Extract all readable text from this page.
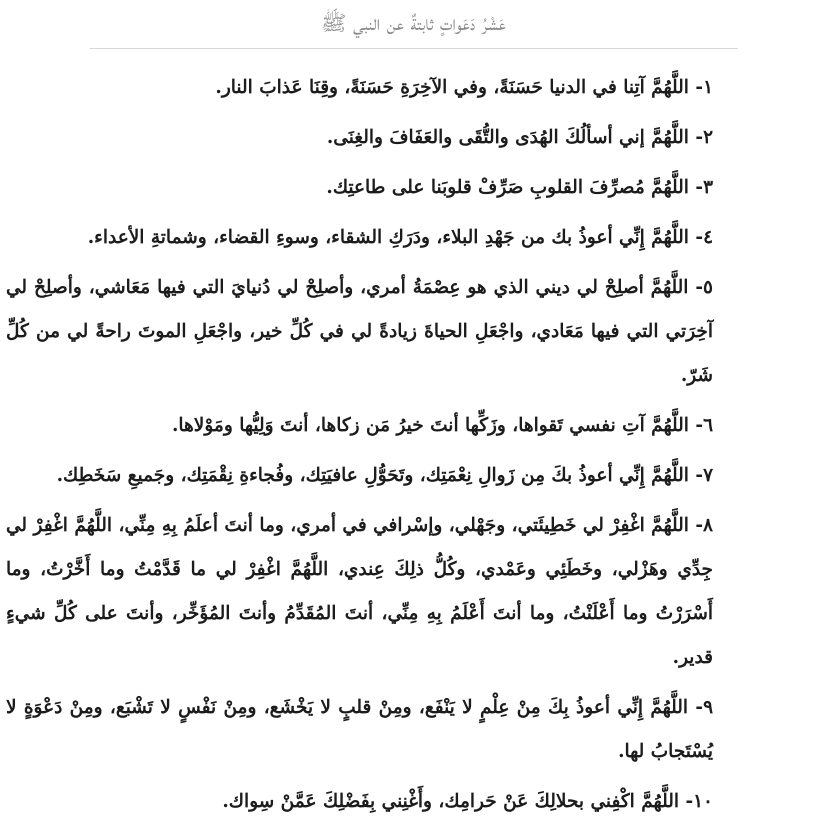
عَشْرُ دَعَواتٍ ثابتةٌ عن النبي ﷺ

١- اللَّهُمَّ آتِنا في الدنيا حَسَنَةً، وفي الآخِرَةِ حَسَنَةً، وقِنَا عَذابَ النار.

٢- اللَّهُمَّ إني أسألُكَ الهُدَى والتُّقَى والعَفَافَ والغِنَى.

٣- اللَّهُمَّ مُصرِّفَ القلوبِ صَرِّفْ قلوبَنا على طاعتِك.

٤- اللَّهُمَّ إِنِّي أعوذُ بك من جَهْدِ البلاء، ودَرَكِ الشقاء، وسوءِ القضاء، وشماتةِ الأعداء.

٥- اللَّهُمَّ أصلِحْ لي ديني الذي هو عِصْمَةُ أمري، وأصلِحْ لي دُنيايَ التي فيها مَعَاشي، وأصلِحْ لي آخِرَتي التي فيها مَعَادي، واجْعَلِ الحياةَ زيادةً لي في كُلِّ خير، واجْعَلِ الموتَ راحةً لي من كُلِّ شَرّ.

٦- اللَّهُمَّ آتِ نفسي تَقواها، وزَكِّها أنتَ خيرُ مَن زكاها، أنتَ وَلِيُّها ومَوْلاها.

٧- اللَّهُمَّ إِنِّي أعوذُ بكَ مِن زَوالِ نِعْمَتِك، وتَحَوُّلِ عافيَتِك، وفُجاءةِ نِقْمَتِك، وجَميعِ سَخَطِك.

٨- اللَّهُمَّ اغْفِرْ لي خَطِيئَتي، وجَهْلي، وإسْرافي في أمري، وما أنتَ أعلَمُ بِهِ مِنِّي، اللَّهُمَّ اغْفِرْ لي جِدِّي وهَزْلي، وخَطَئِي وعَمْدي، وكُلُّ ذلِكَ عِندي، اللَّهُمَّ اغْفِرْ لي ما قَدَّمْتُ وما أَخَّرْتُ، وما أَسْرَرْتُ وما أَعْلَنْتُ، وما أنتَ أَعْلَمُ بِهِ مِنِّي، أنتَ المُقَدِّمُ وأنتَ المُؤَخِّر، وأنتَ على كُلِّ شيءٍ قدير.

٩- اللَّهُمَّ إِنِّي أعوذُ بِكَ مِنْ عِلْمٍ لا يَنْفَع، ومِنْ قلبٍ لا يَخْشَع، ومِنْ نَفْسٍ لا تَشْبَع، ومِنْ دَعْوَةٍ لا يُسْتَجابُ لها.

١٠- اللَّهُمَّ اكْفِني بحلالِكَ عَنْ حَرامِك، وأَغْنِني بِفَضْلِكَ عَمَّنْ سِواك.
